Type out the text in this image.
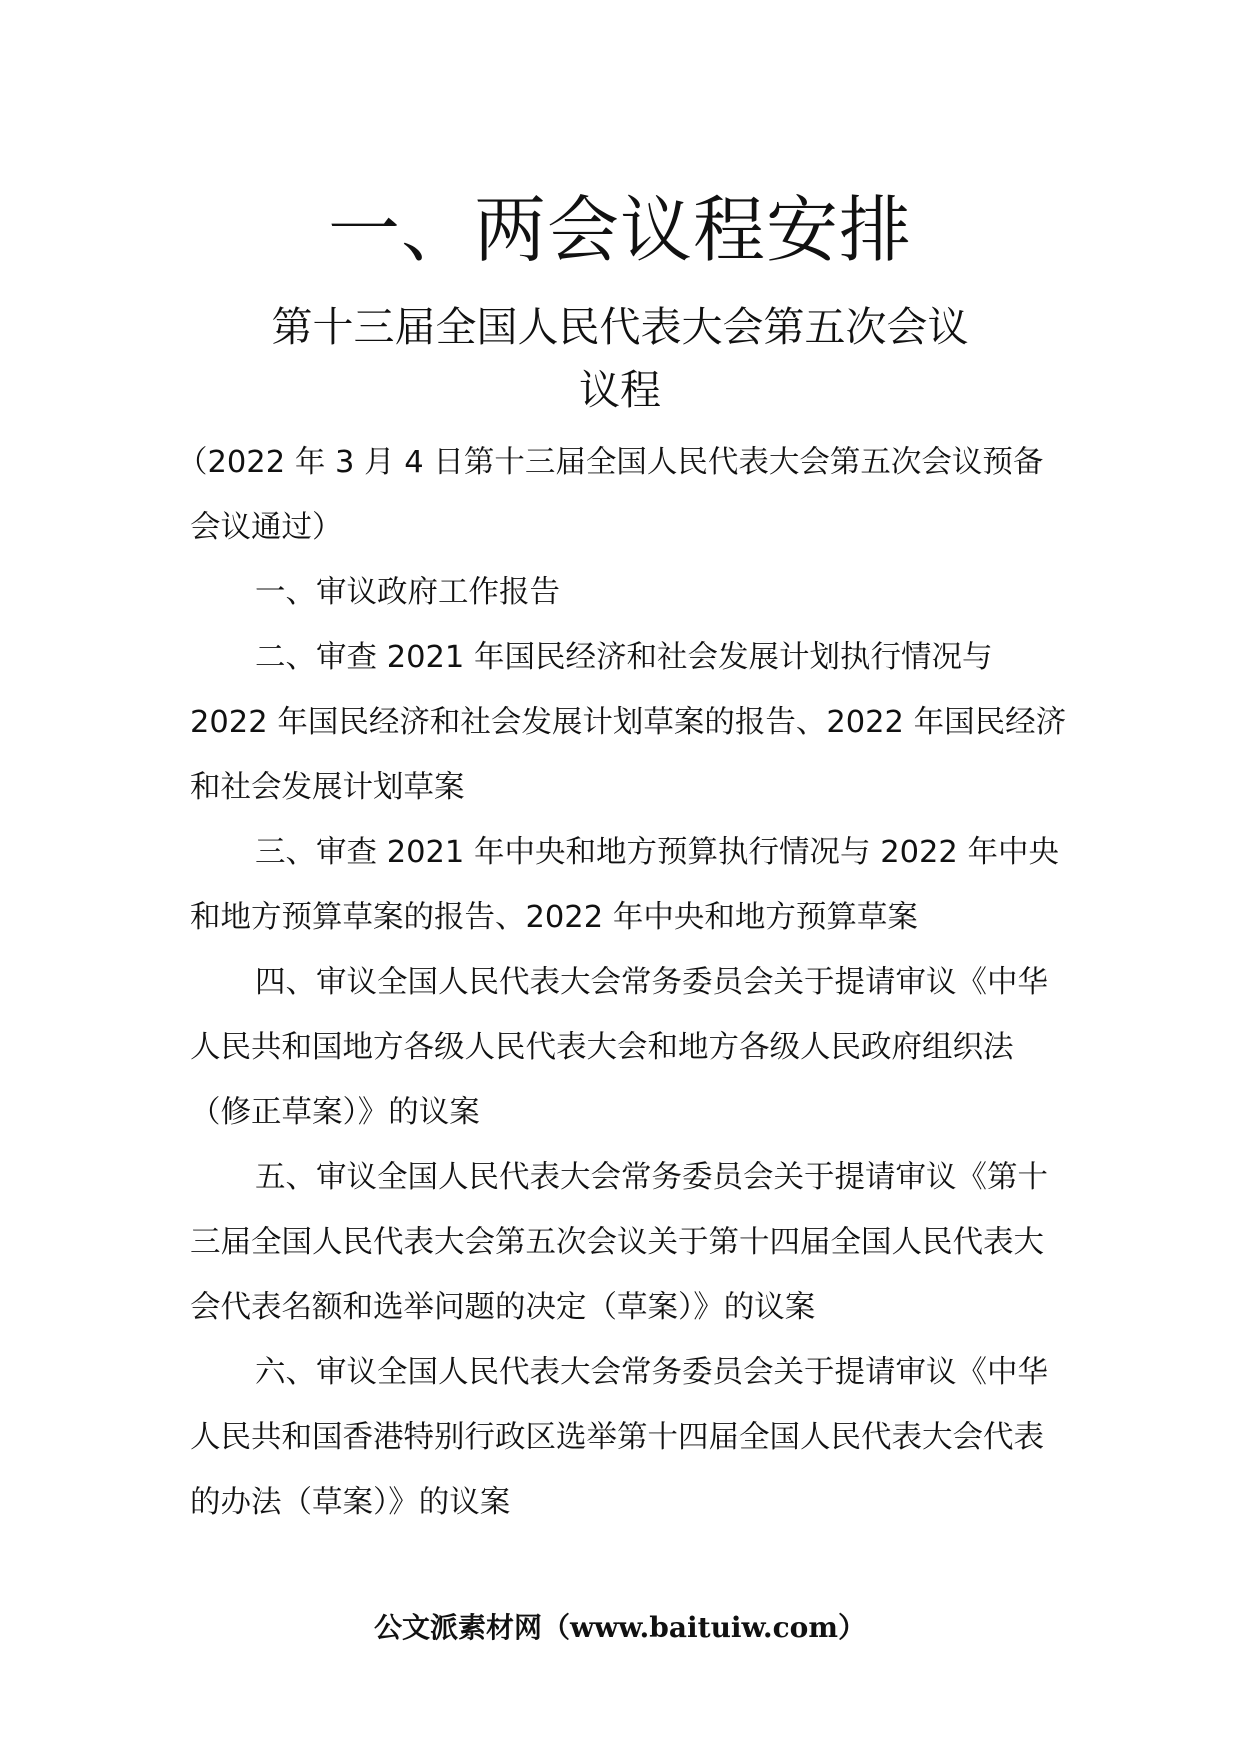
一、两会议程安排
第十三届全国人民代表大会第五次会议
议程

（2022 年 3 月 4 日第十三届全国人民代表大会第五次会议预备会议通过）

一、审议政府工作报告

二、审查 2021 年国民经济和社会发展计划执行情况与 2022 年国民经济和社会发展计划草案的报告、2022 年国民经济和社会发展计划草案

三、审查 2021 年中央和地方预算执行情况与 2022 年中央和地方预算草案的报告、2022 年中央和地方预算草案

四、审议全国人民代表大会常务委员会关于提请审议《中华人民共和国地方各级人民代表大会和地方各级人民政府组织法（修正草案）》的议案

五、审议全国人民代表大会常务委员会关于提请审议《第十三届全国人民代表大会第五次会议关于第十四届全国人民代表大会代表名额和选举问题的决定（草案）》的议案

六、审议全国人民代表大会常务委员会关于提请审议《中华人民共和国香港特别行政区选举第十四届全国人民代表大会代表的办法（草案）》的议案

公文派素材网（www.baituiw.com）
